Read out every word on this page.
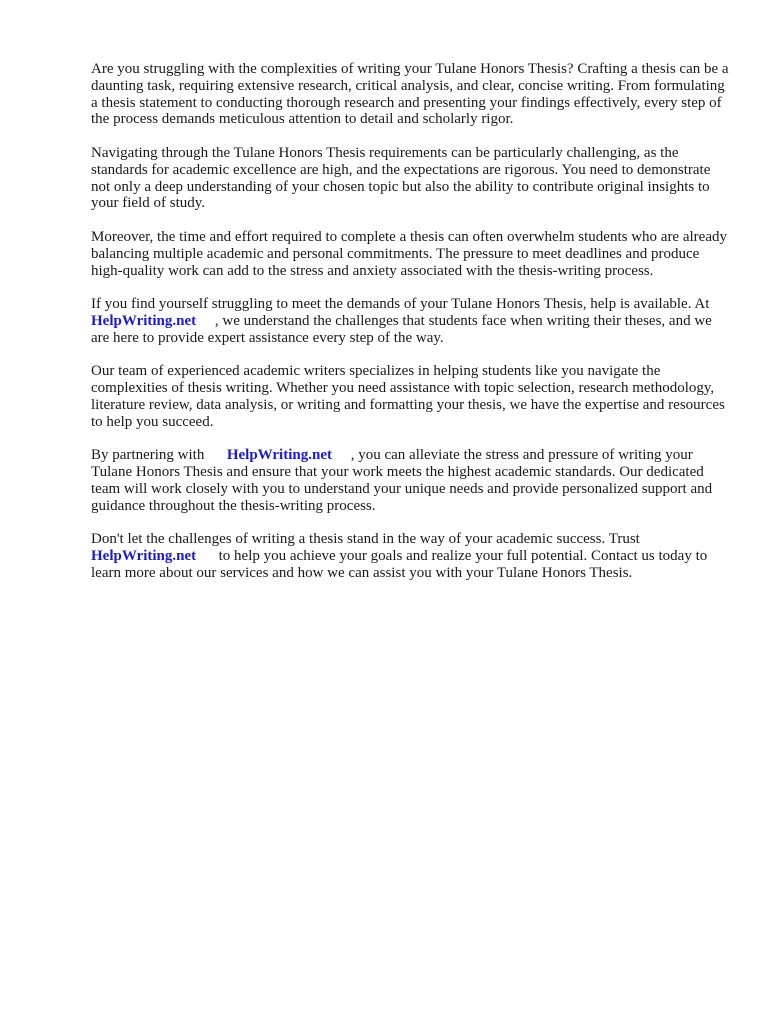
Are you struggling with the complexities of writing your Tulane Honors Thesis? Crafting a thesis can be a daunting task, requiring extensive research, critical analysis, and clear, concise writing. From formulating a thesis statement to conducting thorough research and presenting your findings effectively, every step of the process demands meticulous attention to detail and scholarly rigor.

Navigating through the Tulane Honors Thesis requirements can be particularly challenging, as the standards for academic excellence are high, and the expectations are rigorous. You need to demonstrate not only a deep understanding of your chosen topic but also the ability to contribute original insights to your field of study.

Moreover, the time and effort required to complete a thesis can often overwhelm students who are already balancing multiple academic and personal commitments. The pressure to meet deadlines and produce high-quality work can add to the stress and anxiety associated with the thesis-writing process.

If you find yourself struggling to meet the demands of your Tulane Honors Thesis, help is available. At      HelpWriting.net , we understand the challenges that students face when writing their theses, and we are here to provide expert assistance every step of the way.

Our team of experienced academic writers specializes in helping students like you navigate the complexities of thesis writing. Whether you need assistance with topic selection, research methodology, literature review, data analysis, or writing and formatting your thesis, we have the expertise and resources to help you succeed.

By partnering with      HelpWriting.net , you can alleviate the stress and pressure of writing your Tulane Honors Thesis and ensure that your work meets the highest academic standards. Our dedicated team will work closely with you to understand your unique needs and provide personalized support and guidance throughout the thesis-writing process.

Don't let the challenges of writing a thesis stand in the way of your academic success. Trust HelpWriting.net      to help you achieve your goals and realize your full potential. Contact us today to learn more about our services and how we can assist you with your Tulane Honors Thesis.
